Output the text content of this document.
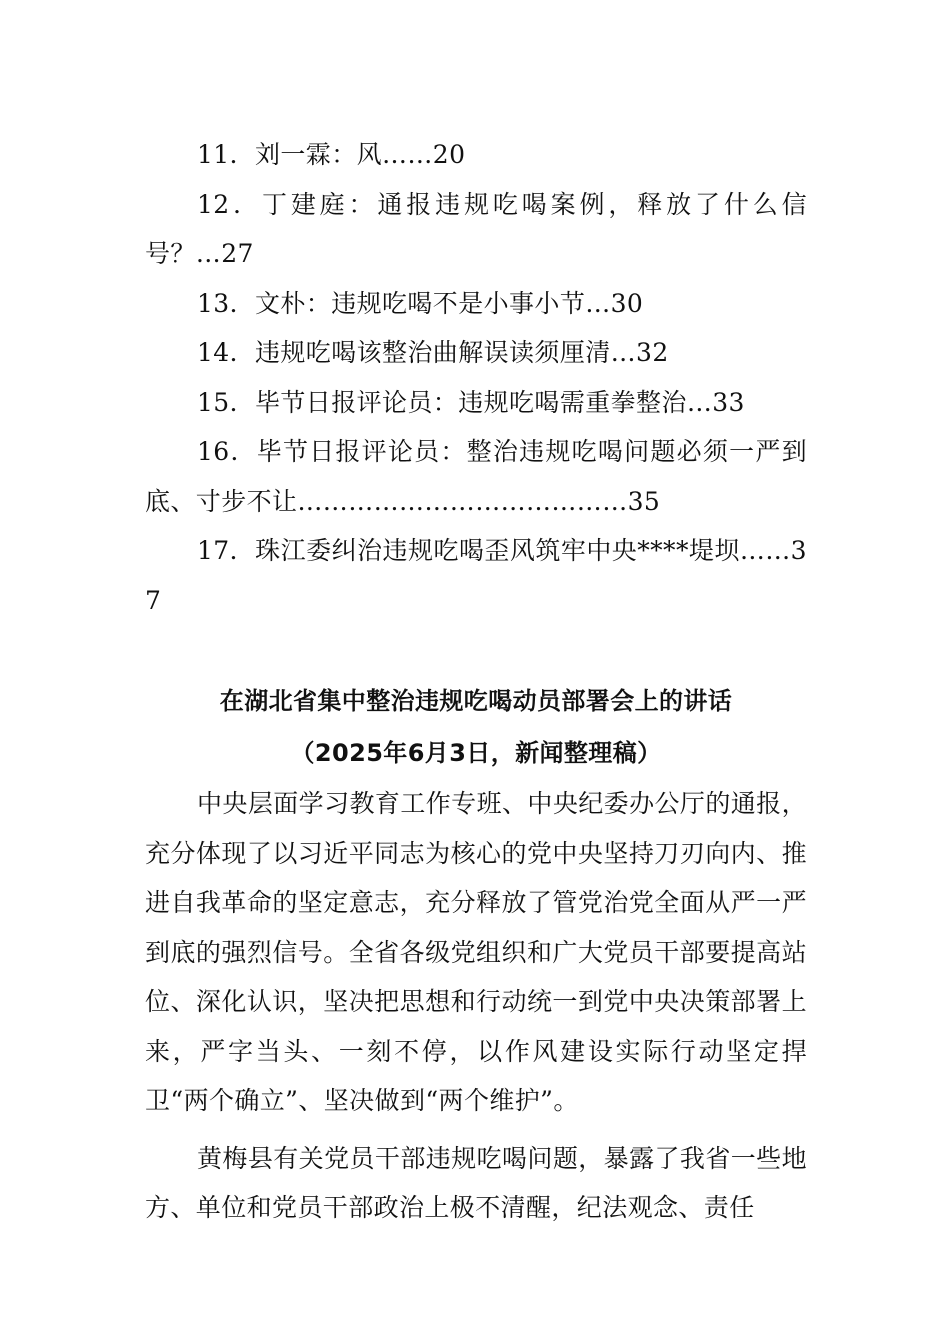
11．刘一霖：风……20

12．丁建庭：通报违规吃喝案例，释放了什么信号？…27

13．文朴：违规吃喝不是小事小节…30

14．违规吃喝该整治曲解误读须厘清…32

15．毕节日报评论员：违规吃喝需重拳整治…33

16．毕节日报评论员：整治违规吃喝问题必须一严到底、寸步不让…………………………………35

17．珠江委纠治违规吃喝歪风筑牢中央****堤坝……37

在湖北省集中整治违规吃喝动员部署会上的讲话

（2025年6月3日，新闻整理稿）

中央层面学习教育工作专班、中央纪委办公厅的通报，充分体现了以习近平同志为核心的党中央坚持刀刃向内、推进自我革命的坚定意志，充分释放了管党治党全面从严一严到底的强烈信号。全省各级党组织和广大党员干部要提高站位、深化认识，坚决把思想和行动统一到党中央决策部署上来，严字当头、一刻不停，以作风建设实际行动坚定捍卫“两个确立”、坚决做到“两个维护”。

黄梅县有关党员干部违规吃喝问题，暴露了我省一些地方、单位和党员干部政治上极不清醒，纪法观念、责任
